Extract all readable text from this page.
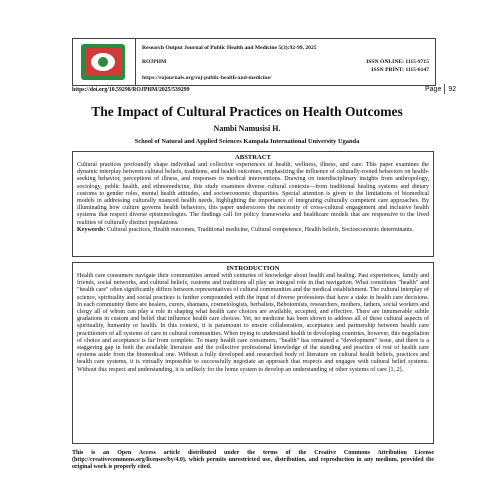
Research Output Journal of Public Health and Medicine 5(3):92-99, 2025
ROJPHM	ISSN ONLINE: 1115-9715
ISSN PRINT: 1115-6147
https://rojournals.org/roj-public-health-and-medicine/
https://doi.org/10.59298/ROJPHM/2025/539299	Page 92
The Impact of Cultural Practices on Health Outcomes
Nambi Namusisi H.
School of Natural and Applied Sciences Kampala International University Uganda
ABSTRACT

Cultural practices profoundly shape individual and collective experiences of health, wellness, illness, and care. This paper examines the dynamic interplay between cultural beliefs, traditions, and health outcomes, emphasizing the influence of culturally-rooted behaviors on health-seeking behavior, perceptions of illness, and responses to medical interventions. Drawing on interdisciplinary insights from anthropology, sociology, public health, and ethnomedicine, this study examines diverse cultural contexts—from traditional healing systems and dietary customs to gender roles, mental health attitudes, and socioeconomic disparities. Special attention is given to the limitations of biomedical models in addressing culturally nuanced health needs, highlighting the importance of integrating culturally competent care approaches. By illuminating how culture governs health behaviors, this paper underscores the necessity of cross-cultural engagement and inclusive health systems that respect diverse epistemologies. The findings call for policy frameworks and healthcare models that are responsive to the lived realities of culturally distinct populations.

Keywords: Cultural practices, Health outcomes, Traditional medicine, Cultural competence, Health beliefs, Socioeconomic determinants.

INTRODUCTION

Health care consumers navigate their communities armed with centuries of knowledge about health and healing. Past experiences, family and friends, social networks, and cultural beliefs, customs and traditions all play an integral role in that navigation. What constitutes "health" and "health care" often significantly differs between representatives of cultural communities and the medical establishment. The cultural interplay of science, spirituality and social practices is further compounded with the input of diverse professions that have a stake in health care decisions. In each community there are healers, curers, shamans, cosmetologists, herbalists, Bebotomists, researchers, mothers, fathers, social workers and clergy all of whom can play a role in shaping what health care choices are available, accepted, and effective. There are innumerable subtle gradations in custom and belief that influence health care choices. Yet, no medicine has been shown to address all of these cultural aspects of spirituality, humanity or health. In this context, it is paramount to ensure collaboration, acceptance and partnership between health care practitioners of all systems of care in cultural communities. When trying to understand health in developing countries, however, this negotiation of choice and acceptance is far from complete. To many health care consumers, "health" has remained a "development" issue, and there is a staggering gap in both the available literature and the collective professional knowledge of the standing and practice of rest of health care systems aside from the biomedical one. Without a fully developed and researched body of literature on cultural health beliefs, practices and health care systems, it is virtually impossible to successfully negotiate an approach that respects and engages with cultural belief systems. Without this respect and understanding, it is unlikely for the home system to develop an understanding of other systems of care [1, 2].

This is an Open Access article distributed under the terms of the Creative Commons Attribution License (http://creativecommons.org/licenses/by/4.0), which permits unrestricted use, distribution, and reproduction in any medium, provided the original work is properly cited.
